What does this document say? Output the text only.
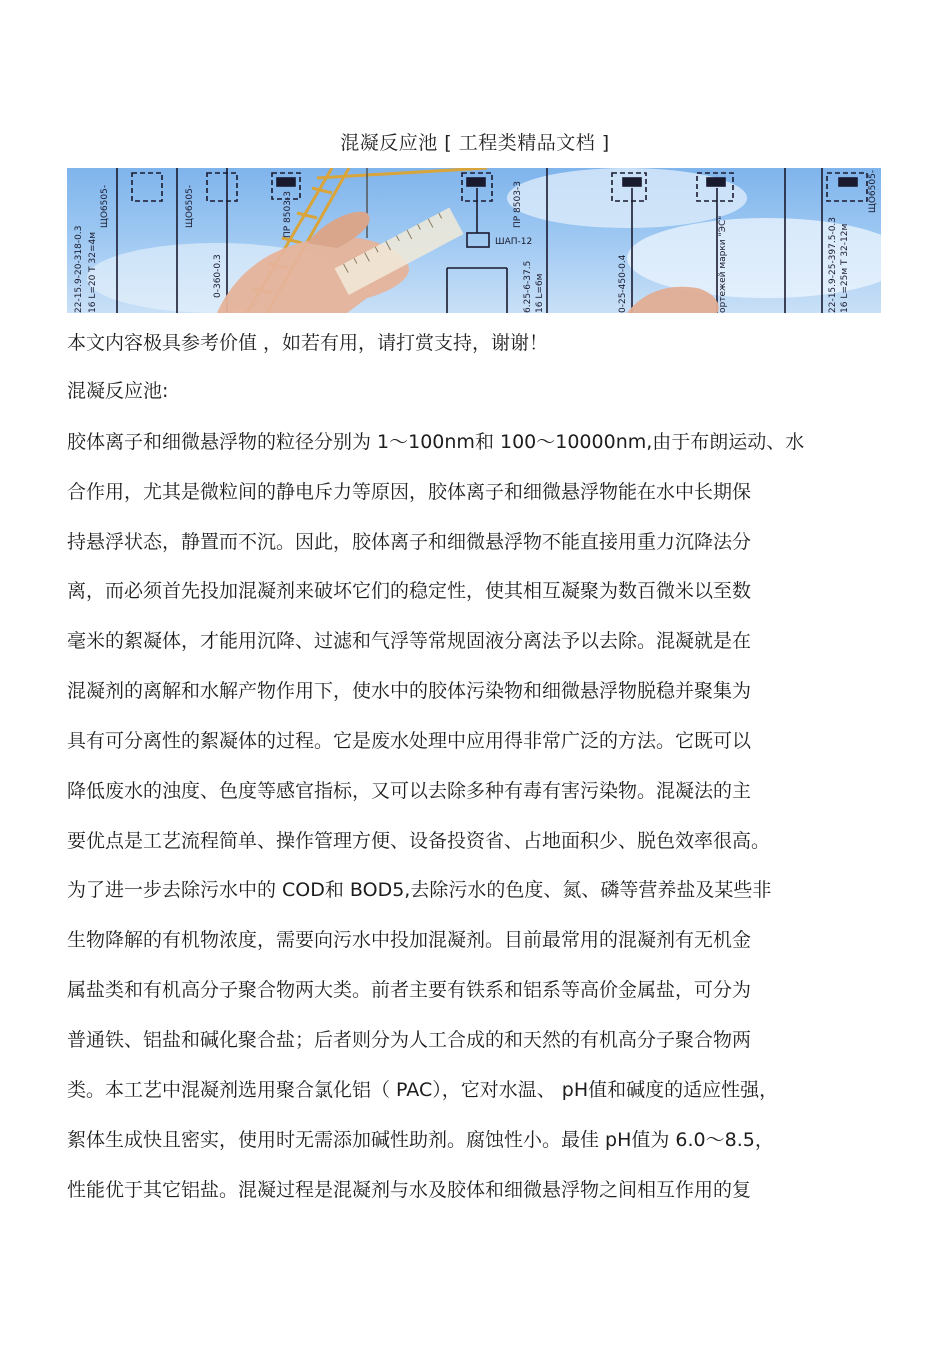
混凝反应池 [ 工程类精品文档 ]
ЩО6505-	ЩО6505-	ПР 8503-3	ПР 8503-3
ШАП-12
ЩО6505-
22-15.9-20-318-0.3 16 L=20 Т 32=4м	0-360-0.3	0-25-450-0.4	22-15.9-25-397.5-0.3 16 L=25м Т 32-12м
6.25-6-37.5 16 L=6м	ортежей марки "ЭС"
本文内容极具参考价值 ，如若有用，请打赏支持，谢谢！
混凝反应池:
胶体离子和细微悬浮物的粒径分别为 1～100nm和 100～10000nm,由于布朗运动、水
合作用，尤其是微粒间的静电斥力等原因，胶体离子和细微悬浮物能在水中长期保
持悬浮状态，静置而不沉。因此，胶体离子和细微悬浮物不能直接用重力沉降法分
离，而必须首先投加混凝剂来破坏它们的稳定性，使其相互凝聚为数百微米以至数
毫米的絮凝体，才能用沉降、过滤和气浮等常规固液分离法予以去除。混凝就是在
混凝剂的离解和水解产物作用下，使水中的胶体污染物和细微悬浮物脱稳并聚集为
具有可分离性的絮凝体的过程。它是废水处理中应用得非常广泛的方法。它既可以
降低废水的浊度、色度等感官指标，又可以去除多种有毒有害污染物。混凝法的主
要优点是工艺流程简单、操作管理方便、设备投资省、占地面积少、脱色效率很高。
为了进一步去除污水中的 COD和 BOD5,去除污水的色度、氮、磷等营养盐及某些非
生物降解的有机物浓度，需要向污水中投加混凝剂。目前最常用的混凝剂有无机金
属盐类和有机高分子聚合物两大类。前者主要有铁系和铝系等高价金属盐，可分为
普通铁、铝盐和碱化聚合盐；后者则分为人工合成的和天然的有机高分子聚合物两
类。本工艺中混凝剂选用聚合氯化铝（ PAC），它对水温、 pH值和碱度的适应性强，
絮体生成快且密实，使用时无需添加碱性助剂。腐蚀性小。最佳 pH值为 6.0～8.5，
性能优于其它铝盐。混凝过程是混凝剂与水及胶体和细微悬浮物之间相互作用的复
